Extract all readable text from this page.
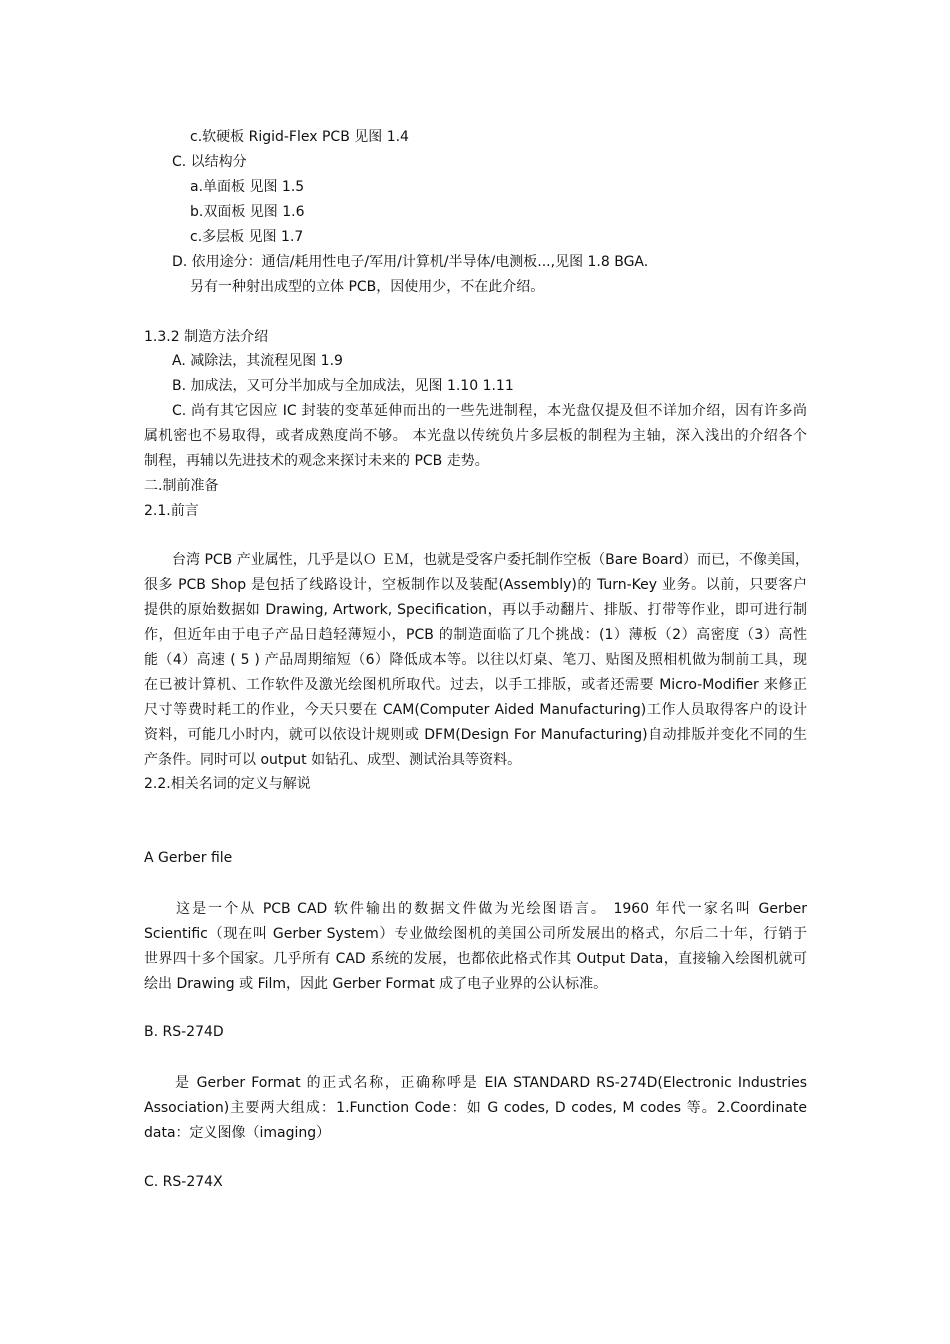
c.软硬板 Rigid-Flex PCB 见图 1.4
C. 以结构分
a.单面板 见图 1.5
b.双面板 见图 1.6
c.多层板 见图 1.7
D. 依用途分：通信/耗用性电子/军用/计算机/半导体/电测板...,见图 1.8 BGA.
另有一种射出成型的立体 PCB，因使用少，不在此介绍。
1.3.2 制造方法介绍
A. 减除法，其流程见图 1.9
B. 加成法，又可分半加成与全加成法，见图 1.10 1.11
C. 尚有其它因应 IC 封装的变革延伸而出的一些先进制程，本光盘仅提及但不详加介绍，因有许多尚
属机密也不易取得，或者成熟度尚不够。 本光盘以传统负片多层板的制程为主轴，深入浅出的介绍各个
制程，再辅以先进技术的观念来探讨未来的 PCB 走势。
二.制前准备
2.1.前言
台湾 PCB 产业属性，几乎是以Ｏ ＥＭ，也就是受客户委托制作空板（Bare Board）而已，不像美国，
很多 PCB Shop 是包括了线路设计，空板制作以及装配(Assembly)的 Turn-Key 业务。以前，只要客户
提供的原始数据如 Drawing, Artwork, Specification，再以手动翻片、排版、打带等作业，即可进行制
作，但近年由于电子产品日趋轻薄短小，PCB 的制造面临了几个挑战：(1）薄板（2）高密度（3）高性
能（4）高速 ( 5 ) 产品周期缩短（6）降低成本等。以往以灯桌、笔刀、贴图及照相机做为制前工具，现
在已被计算机、工作软件及激光绘图机所取代。过去，以手工排版，或者还需要 Micro-Modifier 来修正
尺寸等费时耗工的作业，今天只要在 CAM(Computer Aided Manufacturing)工作人员取得客户的设计
资料，可能几小时内，就可以依设计规则或 DFM(Design For Manufacturing)自动排版并变化不同的生
产条件。同时可以 output 如钻孔、成型、测试治具等资料。
2.2.相关名词的定义与解说
A Gerber file
这是一个从 PCB CAD 软件输出的数据文件做为光绘图语言。 1960 年代一家名叫 Gerber
Scientific（现在叫 Gerber System）专业做绘图机的美国公司所发展出的格式，尔后二十年，行销于
世界四十多个国家。几乎所有 CAD 系统的发展，也都依此格式作其 Output Data，直接输入绘图机就可
绘出 Drawing 或 Film，因此 Gerber Format 成了电子业界的公认标准。
B. RS-274D
是 Gerber Format 的正式名称，正确称呼是 EIA STANDARD RS-274D(Electronic Industries
Association)主要两大组成：1.Function Code：如 G codes, D codes, M codes 等。2.Coordinate
data：定义图像（imaging）
C. RS-274X
